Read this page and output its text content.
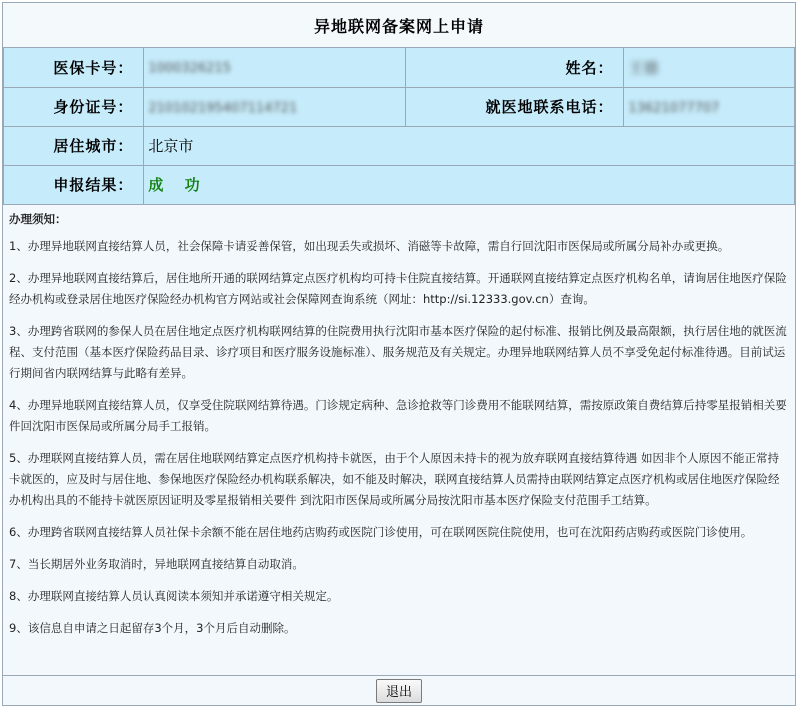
异地联网备案网上申请
医保卡号：	1000326215	姓名：	王德
身份证号：	210102195407114721	就医地联系电话：	13621077707
居住城市：	北京市		
申报结果：	成 功		
办理须知：

1、办理异地联网直接结算人员，社会保障卡请妥善保管，如出现丢失或损坏、消磁等卡故障，需自行回沈阳市医保局或所属分局补办或更换。

2、办理异地联网直接结算后，居住地所开通的联网结算定点医疗机构均可持卡住院直接结算。开通联网直接结算定点医疗机构名单，请询居住地医疗保险经办机构或登录居住地医疗保险经办机构官方网站或社会保障网查询系统（网址：http://si.12333.gov.cn）查询。

3、办理跨省联网的参保人员在居住地定点医疗机构联网结算的住院费用执行沈阳市基本医疗保险的起付标准、报销比例及最高限额，执行居住地的就医流程、支付范围（基本医疗保险药品目录、诊疗项目和医疗服务设施标准）、服务规范及有关规定。办理异地联网结算人员不享受免起付标准待遇。目前试运行期间省内联网结算与此略有差异。

4、办理异地联网直接结算人员，仅享受住院联网结算待遇。门诊规定病种、急诊抢救等门诊费用不能联网结算，需按原政策自费结算后持零星报销相关要件回沈阳市医保局或所属分局手工报销。

5、办理联网直接结算人员，需在居住地联网结算定点医疗机构持卡就医，由于个人原因未持卡的视为放弃联网直接结算待遇 如因非个人原因不能正常持卡就医的，应及时与居住地、参保地医疗保险经办机构联系解决，如不能及时解决，联网直接结算人员需持由联网结算定点医疗机构或居住地医疗保险经办机构出具的不能持卡就医原因证明及零星报销相关要件 到沈阳市医保局或所属分局按沈阳市基本医疗保险支付范围手工结算。

6、办理跨省联网直接结算人员社保卡余额不能在居住地药店购药或医院门诊使用，可在联网医院住院使用，也可在沈阳药店购药或医院门诊使用。

7、当长期居外业务取消时，异地联网直接结算自动取消。

8、办理联网直接结算人员认真阅读本须知并承诺遵守相关规定。

9、该信息自申请之日起留存3个月，3个月后自动删除。

退出
